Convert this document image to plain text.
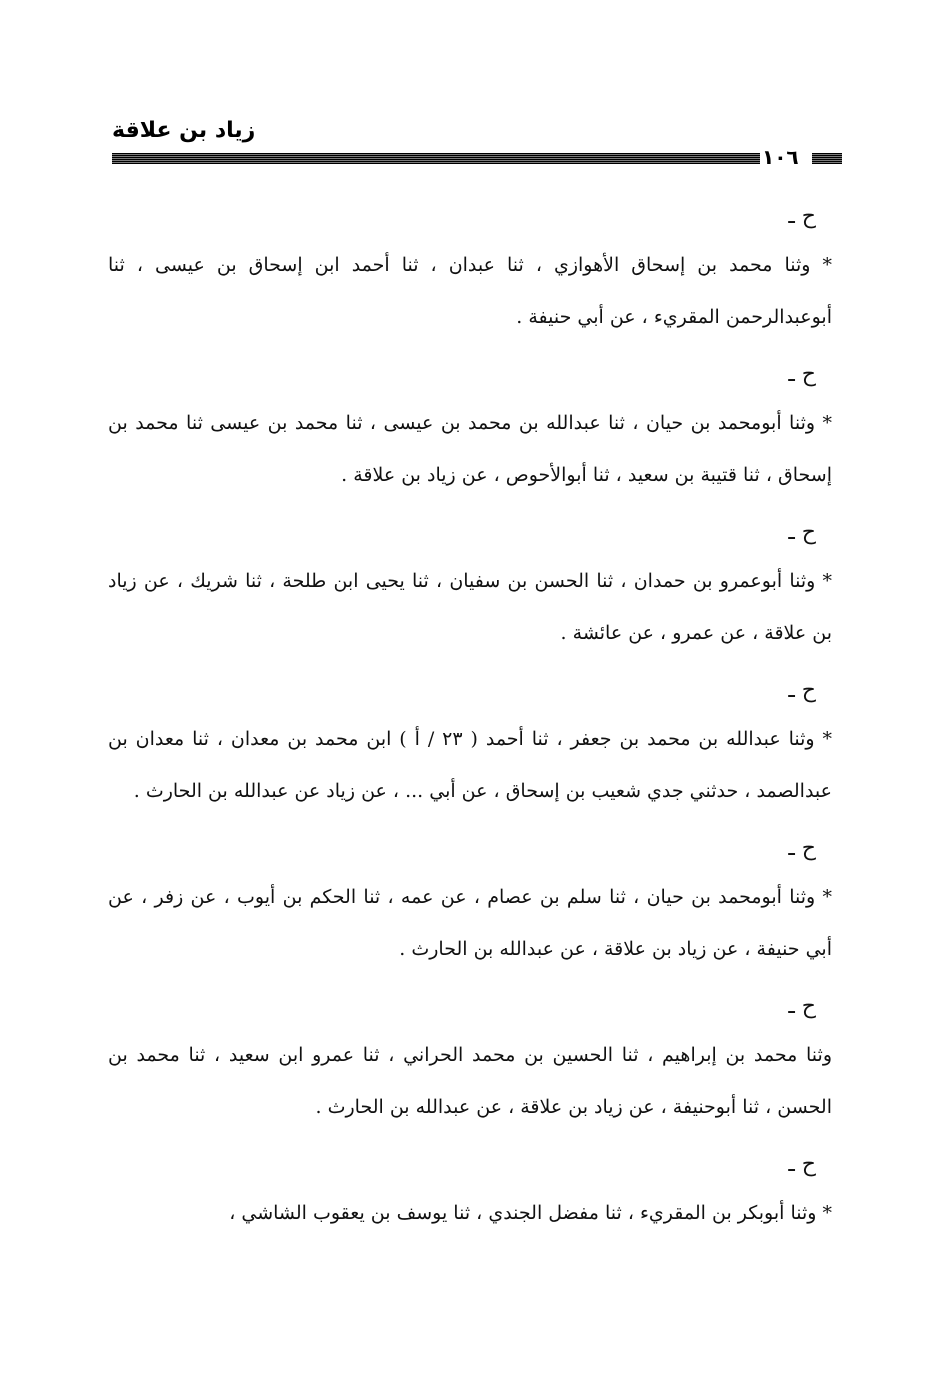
زياد بن علاقة
١٠٦
ح ـ

* وثنا محمد بن إسحاق الأهوازي ، ثنا عبدان ، ثنا أحمد ابن إسحاق بن عيسى ، ثنا أبوعبدالرحمن المقريء ، عن أبي حنيفة .

ح ـ

* وثنا أبومحمد بن حيان ، ثنا عبدالله بن محمد بن عيسى ، ثنا محمد بن عيسى ثنا محمد بن إسحاق ، ثنا قتيبة بن سعيد ، ثنا أبوالأحوص ، عن زياد بن علاقة .

ح ـ

* وثنا أبوعمرو بن حمدان ، ثنا الحسن بن سفيان ، ثنا يحيى ابن طلحة ، ثنا شريك ، عن زياد بن علاقة ، عن عمرو ، عن عائشة .

ح ـ

* وثنا عبدالله بن محمد بن جعفر ، ثنا أحمد ( ٢٣ / أ ) ابن محمد بن معدان ، ثنا معدان بن عبدالصمد ، حدثني جدي شعيب بن إسحاق ، عن أبي ... ، عن زياد عن عبدالله بن الحارث .

ح ـ

* وثنا أبومحمد بن حيان ، ثنا سلم بن عصام ، عن عمه ، ثنا الحكم بن أيوب ، عن زفر ، عن أبي حنيفة ، عن زياد بن علاقة ، عن عبدالله بن الحارث .

ح ـ

وثنا محمد بن إبراهيم ، ثنا الحسين بن محمد الحراني ، ثنا عمرو ابن سعيد ، ثنا محمد بن الحسن ، ثنا أبوحنيفة ، عن زياد بن علاقة ، عن عبدالله بن الحارث .

ح ـ

* وثنا أبوبكر بن المقريء ، ثنا مفضل الجندي ، ثنا يوسف بن يعقوب الشاشي ،
